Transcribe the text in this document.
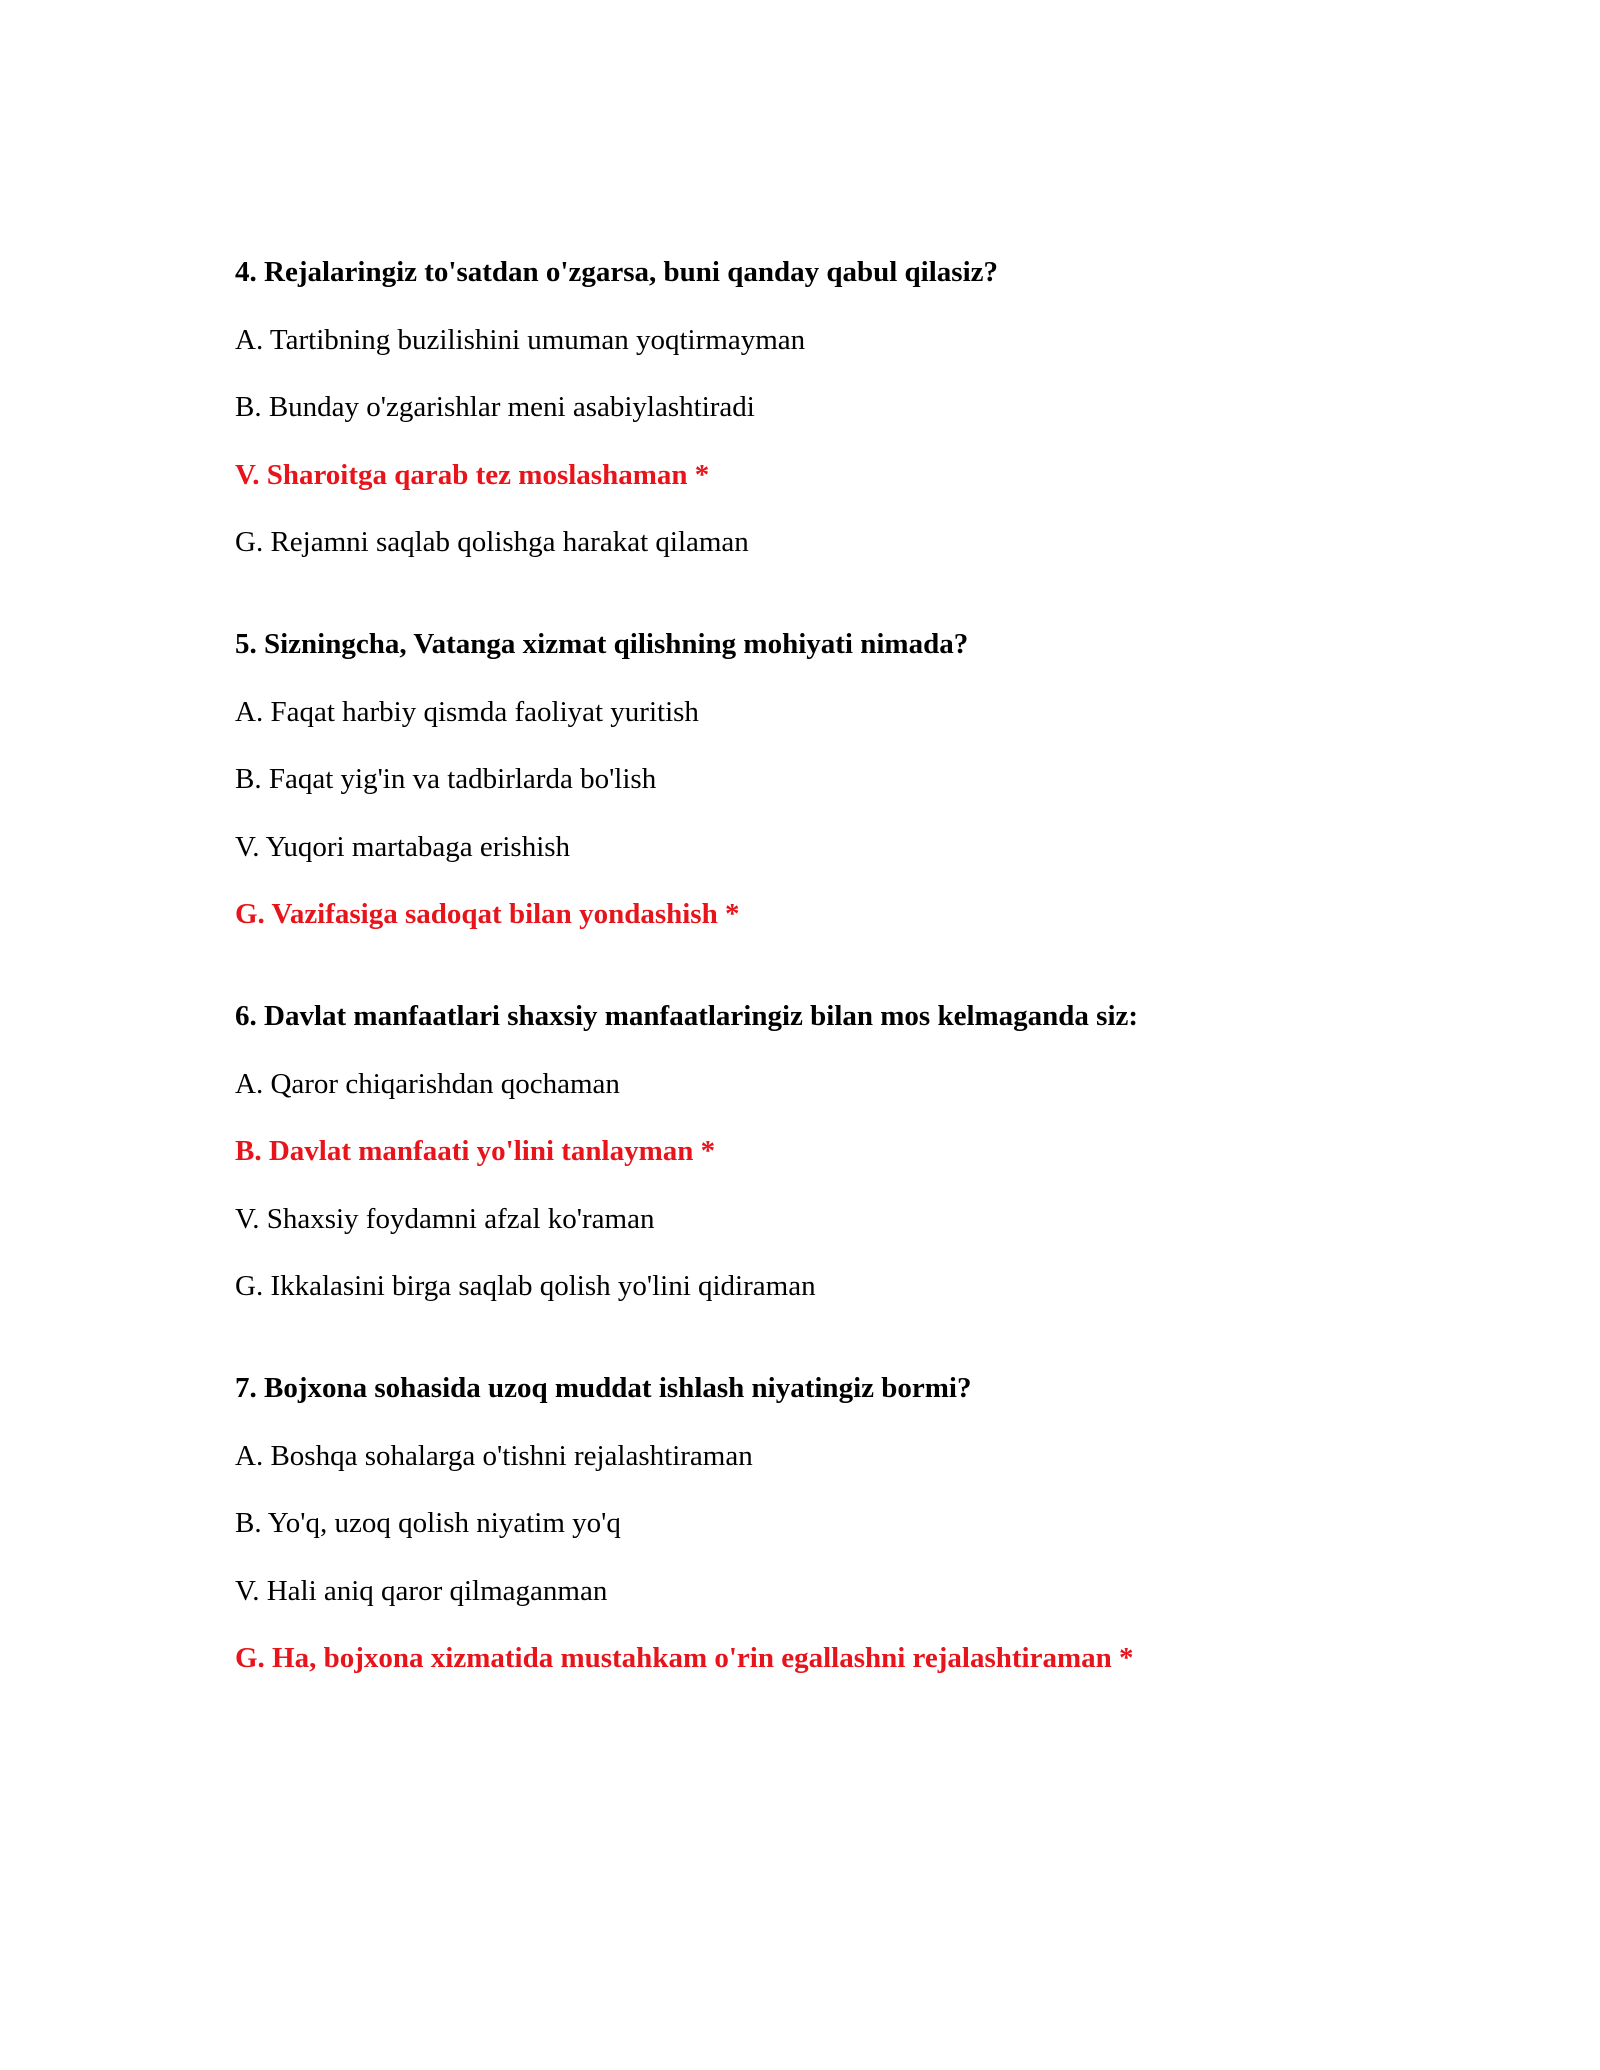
4. Rejalaringiz to'satdan o'zgarsa, buni qanday qabul qilasiz?
A. Tartibning buzilishini umuman yoqtirmayman
B. Bunday o'zgarishlar meni asabiylashtiradi
V. Sharoitga qarab tez moslashaman *
G. Rejamni saqlab qolishga harakat qilaman
5. Sizningcha, Vatanga xizmat qilishning mohiyati nimada?
A. Faqat harbiy qismda faoliyat yuritish
B. Faqat yig'in va tadbirlarda bo'lish
V. Yuqori martabaga erishish
G. Vazifasiga sadoqat bilan yondashish *
6. Davlat manfaatlari shaxsiy manfaatlaringiz bilan mos kelmaganda siz:
A. Qaror chiqarishdan qochaman
B. Davlat manfaati yo'lini tanlayman *
V. Shaxsiy foydamni afzal ko'raman
G. Ikkalasini birga saqlab qolish yo'lini qidiraman
7. Bojxona sohasida uzoq muddat ishlash niyatingiz bormi?
A. Boshqa sohalarga o'tishni rejalashtiraman
B. Yo'q, uzoq qolish niyatim yo'q
V. Hali aniq qaror qilmaganman
G. Ha, bojxona xizmatida mustahkam o'rin egallashni rejalashtiraman *
